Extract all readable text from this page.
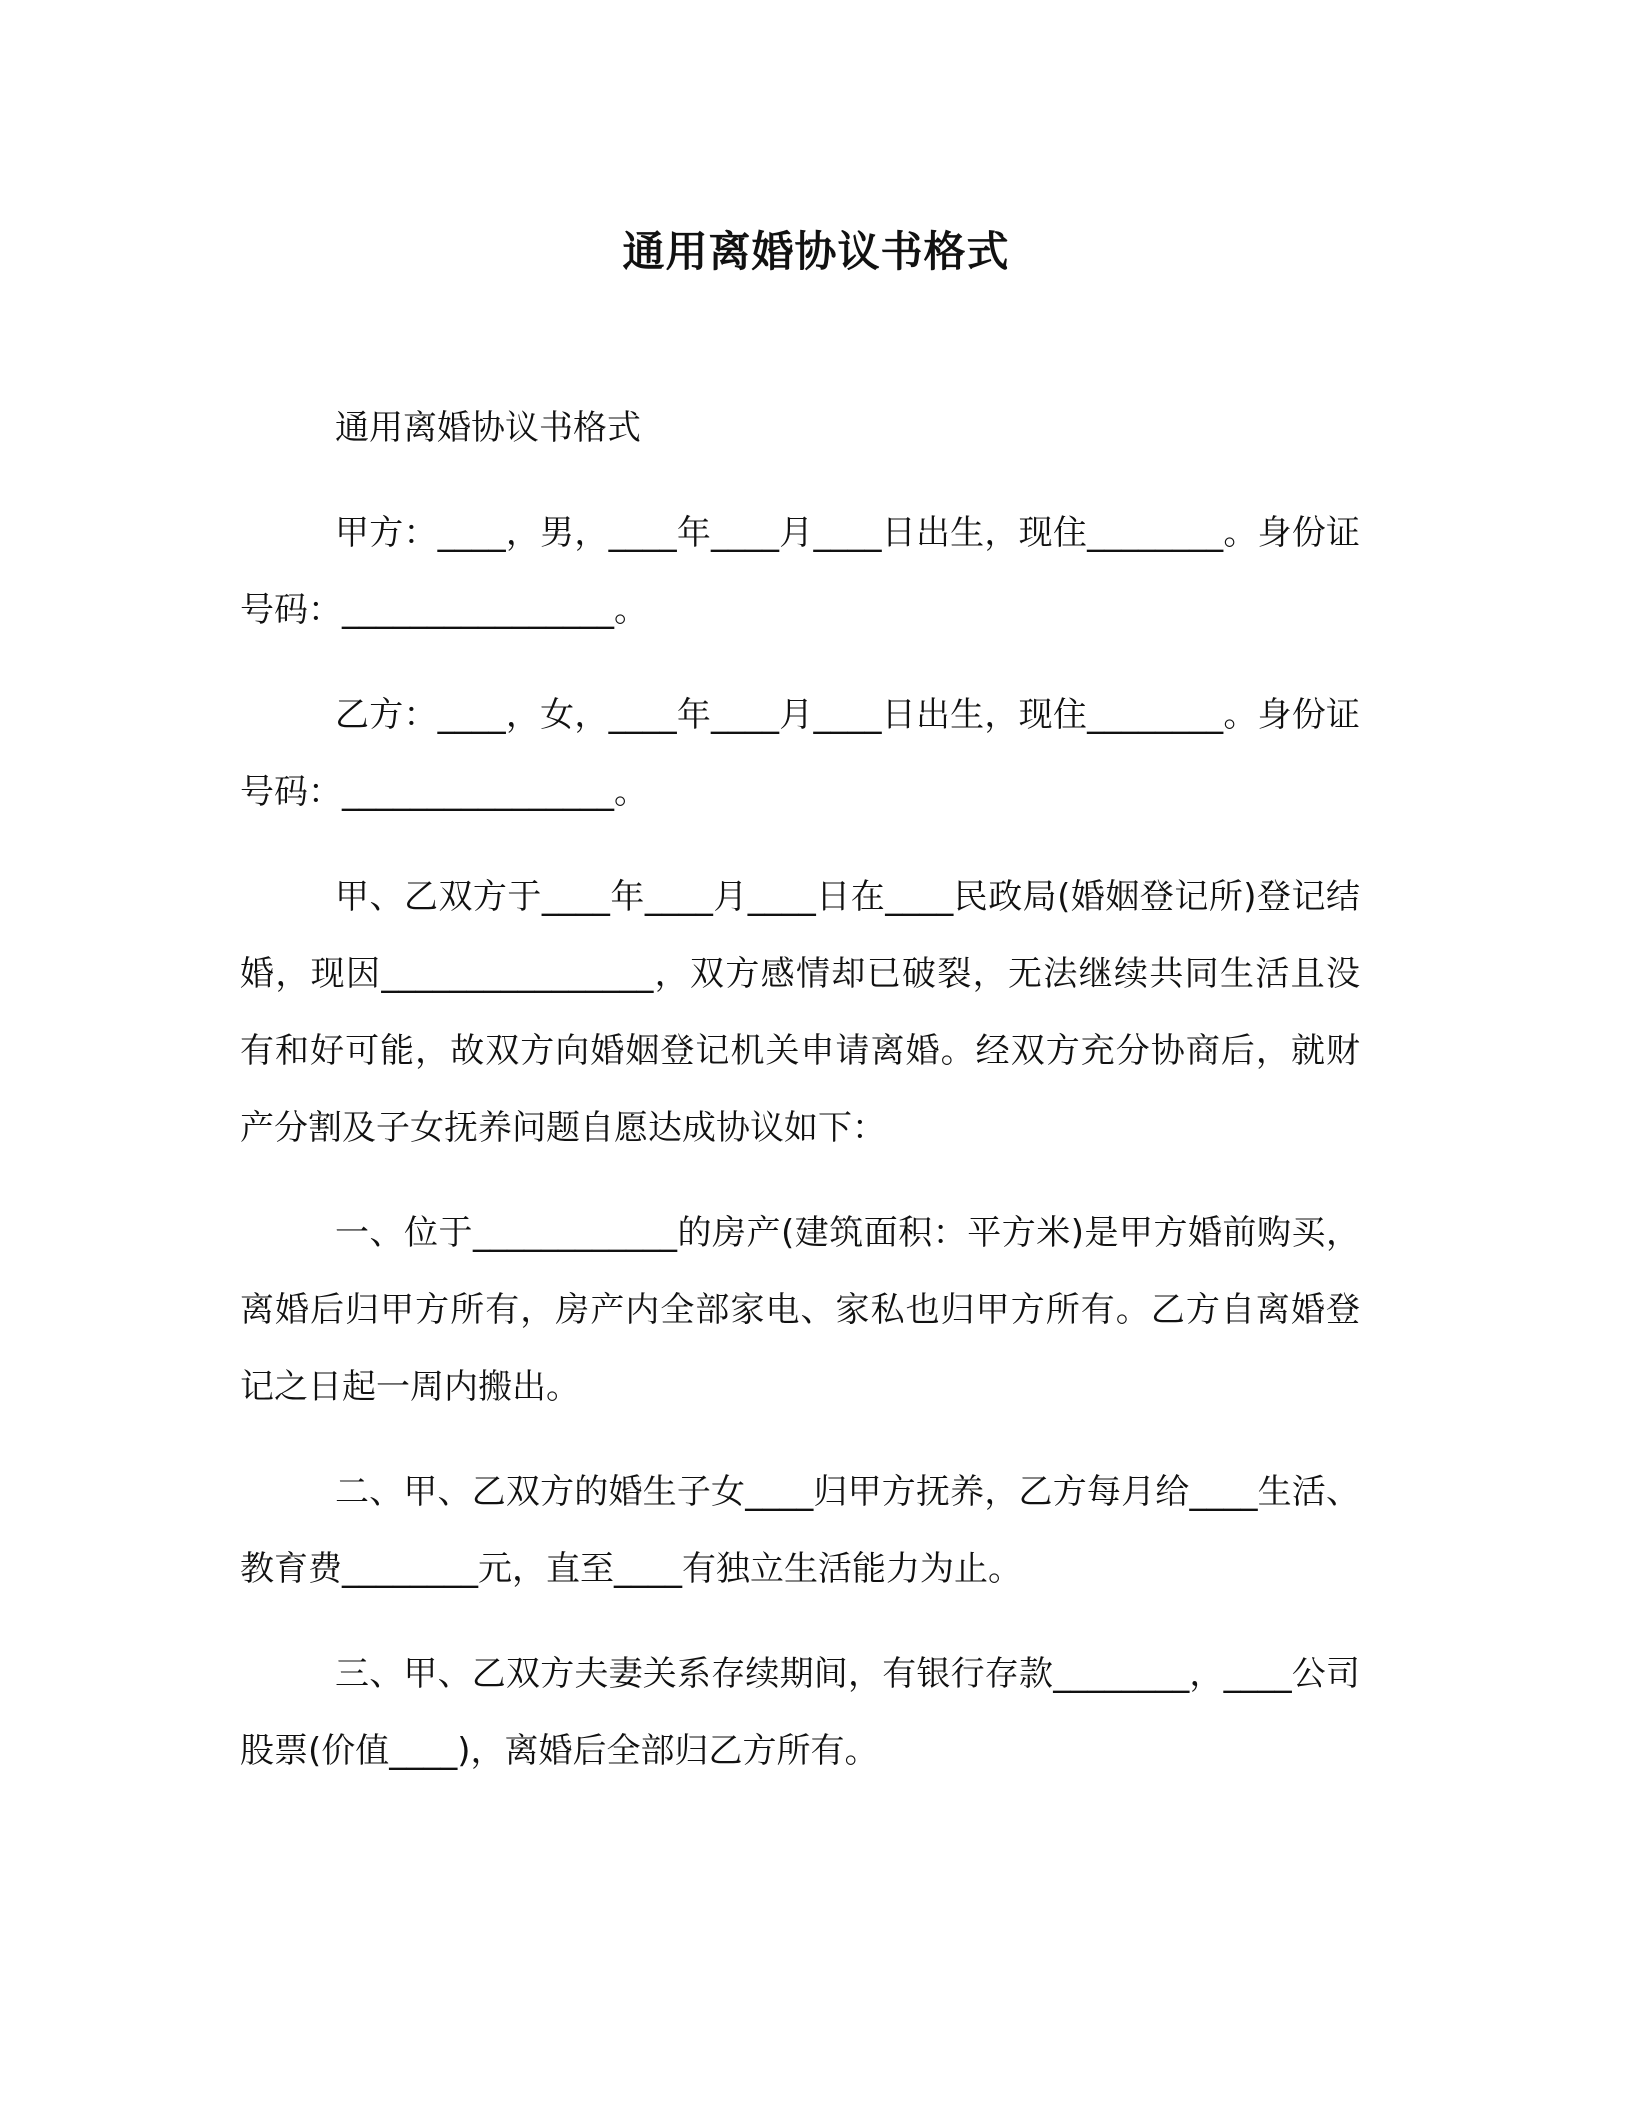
通用离婚协议书格式

通用离婚协议书格式

甲方：____，男，____年____月____日出生，现住________。身份证号码：________________。

乙方：____，女，____年____月____日出生，现住________。身份证号码：________________。

甲、乙双方于____年____月____日在____民政局(婚姻登记所)登记结婚，现因________________，双方感情却已破裂，无法继续共同生活且没有和好可能，故双方向婚姻登记机关申请离婚。经双方充分协商后，就财产分割及子女抚养问题自愿达成协议如下：

一、位于____________的房产(建筑面积：平方米)是甲方婚前购买，离婚后归甲方所有，房产内全部家电、家私也归甲方所有。乙方自离婚登记之日起一周内搬出。

二、甲、乙双方的婚生子女____归甲方抚养，乙方每月给____生活、教育费________元，直至____有独立生活能力为止。

三、甲、乙双方夫妻关系存续期间，有银行存款________，____公司股票(价值____)，离婚后全部归乙方所有。
